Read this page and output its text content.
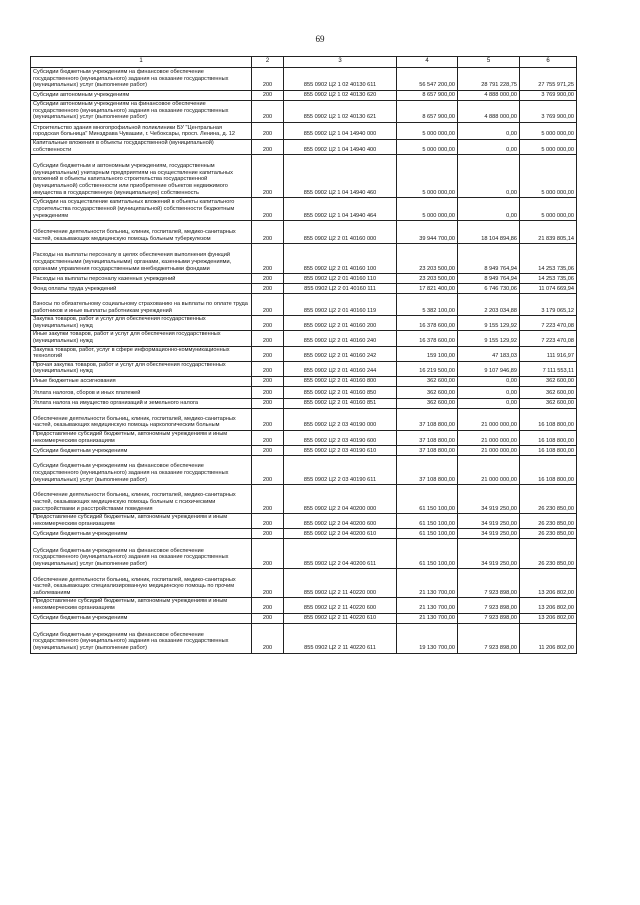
69
1	2	3	4	5	6
Субсидии бюджетным учреждениям на финансовое обеспечение государственного (муниципального) задания на оказание государственных (муниципальных) услуг (выполнение работ)	200	855 0902 Ц2 1 02 40130 611	56 547 200,00	28 791 228,75	27 755 971,25
Субсидии автономным учреждениям	200	855 0902 Ц2 1 02 40130 620	8 657 900,00	4 888 000,00	3 769 900,00
Субсидии автономным учреждениям на финансовое обеспечение государственного (муниципального) задания на оказание государственных (муниципальных) услуг (выполнение работ)	200	855 0902 Ц2 1 02 40130 621	8 657 900,00	4 888 000,00	3 769 900,00
Строительство здания многопрофильной поликлиники БУ "Центральная городская больница" Минздрава Чувашии, г. Чебоксары, просп. Ленина, д. 12	200	855 0902 Ц2 1 04 14940 000	5 000 000,00	0,00	5 000 000,00
Капитальные вложения в объекты государственной (муниципальной) собственности	200	855 0902 Ц2 1 04 14940 400	5 000 000,00	0,00	5 000 000,00
Субсидии бюджетным и автономным учреждениям, государственным (муниципальным) унитарным предприятиям на осуществление капитальных вложений в объекты капитального строительства государственной (муниципальной) собственности или приобретение объектов недвижимого имущества в государственную (муниципальную) собственность	200	855 0902 Ц2 1 04 14940 460	5 000 000,00	0,00	5 000 000,00
Субсидии на осуществление капитальных вложений в объекты капитального строительства государственной (муниципальной) собственности бюджетным учреждениям	200	855 0902 Ц2 1 04 14940 464	5 000 000,00	0,00	5 000 000,00
Обеспечение деятельности больниц, клиник, госпиталей, медико-санитарных частей, оказывающих медицинскую помощь больным туберкулезом	200	855 0902 Ц2 2 01 40160 000	39 944 700,00	18 104 894,86	21 839 805,14
Расходы на выплаты персоналу в целях обеспечения выполнения функций государственными (муниципальными) органами, казенными учреждениями, органами управления государственными внебюджетными фондами	200	855 0902 Ц2 2 01 40160 100	23 203 500,00	8 949 764,94	14 253 735,06
Расходы на выплаты персоналу казенных учреждений	200	855 0902 Ц2 2 01 40160 110	23 203 500,00	8 949 764,94	14 253 735,06
Фонд оплаты труда учреждений	200	855 0902 Ц2 2 01 40160 111	17 821 400,00	6 746 730,06	11 074 669,94
Взносы по обязательному социальному страхованию на выплаты по оплате труда работников и иные выплаты работникам учреждений	200	855 0902 Ц2 2 01 40160 119	5 382 100,00	2 203 034,88	3 179 065,12
Закупка товаров, работ и услуг для обеспечения государственных (муниципальных) нужд	200	855 0902 Ц2 2 01 40160 200	16 378 600,00	9 155 129,92	7 223 470,08
Иные закупки товаров, работ и услуг для обеспечения государственных (муниципальных) нужд	200	855 0902 Ц2 2 01 40160 240	16 378 600,00	9 155 129,92	7 223 470,08
Закупка товаров, работ, услуг в сфере информационно-коммуникационных технологий	200	855 0902 Ц2 2 01 40160 242	159 100,00	47 183,03	111 916,97
Прочая закупка товаров, работ и услуг для обеспечения государственных (муниципальных) нужд	200	855 0902 Ц2 2 01 40160 244	16 219 500,00	9 107 946,89	7 111 553,11
Иные бюджетные ассигнования	200	855 0902 Ц2 2 01 40160 800	362 600,00	0,00	362 600,00
Уплата налогов, сборов и иных платежей	200	855 0902 Ц2 2 01 40160 850	362 600,00	0,00	362 600,00
Уплата налога на имущество организаций и земельного налога	200	855 0902 Ц2 2 01 40160 851	362 600,00	0,00	362 600,00
Обеспечение деятельности больниц, клиник, госпиталей, медико-санитарных частей, оказывающих медицинскую помощь наркологическим больным	200	855 0902 Ц2 2 03 40190 000	37 108 800,00	21 000 000,00	16 108 800,00
Предоставление субсидий бюджетным, автономным учреждениям и иным некоммерческим организациям	200	855 0902 Ц2 2 03 40190 600	37 108 800,00	21 000 000,00	16 108 800,00
Субсидии бюджетным учреждениям	200	855 0902 Ц2 2 03 40190 610	37 108 800,00	21 000 000,00	16 108 800,00
Субсидии бюджетным учреждениям на финансовое обеспечение государственного (муниципального) задания на оказание государственных (муниципальных) услуг (выполнение работ)	200	855 0902 Ц2 2 03 40190 611	37 108 800,00	21 000 000,00	16 108 800,00
Обеспечение деятельности больниц, клиник, госпиталей, медико-санитарных частей, оказывающих медицинскую помощь больным с психическими расстройствами и расстройствами поведения	200	855 0902 Ц2 2 04 40200 000	61 150 100,00	34 919 250,00	26 230 850,00
Предоставление субсидий бюджетным, автономным учреждениям и иным некоммерческим организациям	200	855 0902 Ц2 2 04 40200 600	61 150 100,00	34 919 250,00	26 230 850,00
Субсидии бюджетным учреждениям	200	855 0902 Ц2 2 04 40200 610	61 150 100,00	34 919 250,00	26 230 850,00
Субсидии бюджетным учреждениям на финансовое обеспечение государственного (муниципального) задания на оказание государственных (муниципальных) услуг (выполнение работ)	200	855 0902 Ц2 2 04 40200 611	61 150 100,00	34 919 250,00	26 230 850,00
Обеспечение деятельности больниц, клиник, госпиталей, медико-санитарных частей, оказывающих специализированную медицинскую помощь по прочим заболеваниям	200	855 0902 Ц2 2 11 40220 000	21 130 700,00	7 923 898,00	13 206 802,00
Предоставление субсидий бюджетным, автономным учреждениям и иным некоммерческим организациям	200	855 0902 Ц2 2 11 40220 600	21 130 700,00	7 923 898,00	13 206 802,00
Субсидии бюджетным учреждениям	200	855 0902 Ц2 2 11 40220 610	21 130 700,00	7 923 898,00	13 206 802,00
Субсидии бюджетным учреждениям на финансовое обеспечение государственного (муниципального) задания на оказание государственных (муниципальных) услуг (выполнение работ)	200	855 0902 Ц2 2 11 40220 611	19 130 700,00	7 923 898,00	11 206 802,00
